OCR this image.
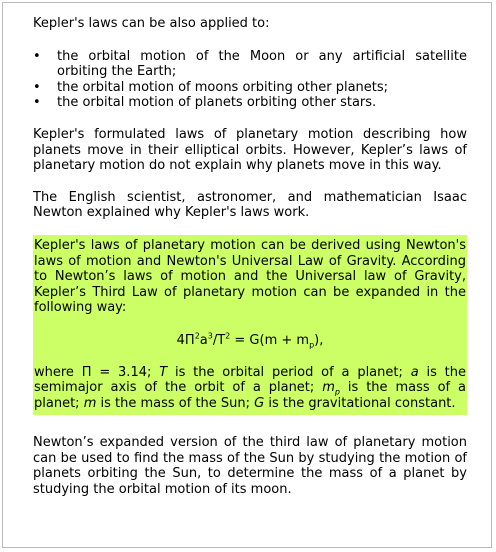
Kepler's laws can be also applied to:

• the orbital motion of the Moon or any artificial satellite orbiting the Earth;
• the orbital motion of moons orbiting other planets;
• the orbital motion of planets orbiting other stars.

Kepler's formulated laws of planetary motion describing how planets move in their elliptical orbits. However, Kepler’s laws of planetary motion do not explain why planets move in this way.

The English scientist, astronomer, and mathematician Isaac Newton explained why Kepler's laws work.

Kepler's laws of planetary motion can be derived using Newton's laws of motion and Newton's Universal Law of Gravity. According to Newton’s laws of motion and the Universal law of Gravity, Kepler’s Third Law of planetary motion can be expanded in the following way:

$4\Pi^2a^3/T^2 = G(m + m_p)$,

where Π = 3.14; T is the orbital period of a planet; a is the semimajor axis of the orbit of a planet; $m_p$ is the mass of a planet; m is the mass of the Sun; G is the gravitational constant.

Newton’s expanded version of the third law of planetary motion can be used to find the mass of the Sun by studying the motion of planets orbiting the Sun, to determine the mass of a planet by studying the orbital motion of its moon.
